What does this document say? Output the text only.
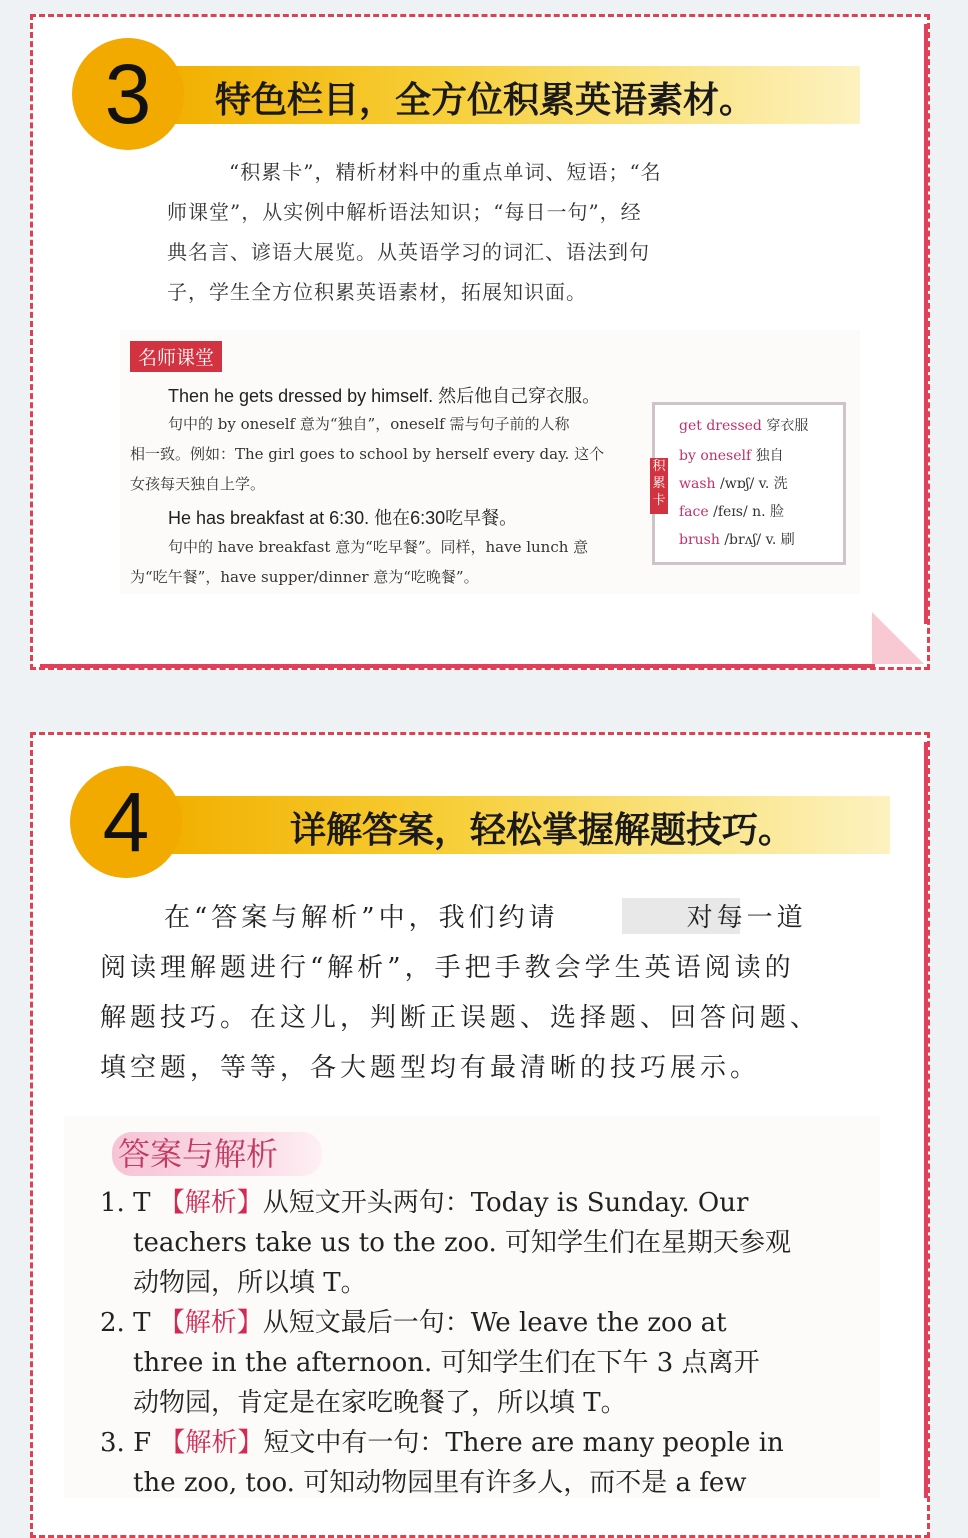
3	特色栏目，全方位积累英语素材。

“积累卡”，精析材料中的重点单词、短语；“名

师课堂”，从实例中解析语法知识；“每日一句”，经

典名言、谚语大展览。从英语学习的词汇、语法到句

子，学生全方位积累英语素材，拓展知识面。

名师课堂
Then he gets dressed by himself. 然后他自己穿衣服。
句中的 by oneself 意为“独自”，oneself 需与句子前的人称
相一致。例如：The girl goes to school by herself every day. 这个
女孩每天独自上学。
He has breakfast at 6:30. 他在6:30吃早餐。
句中的 have breakfast 意为“吃早餐”。同样，have lunch 意
为“吃午餐”，have supper/dinner 意为“吃晚餐”。
get dressed 穿衣服
by oneself 独自
wash /wɒʃ/ v. 洗
face /feɪs/ n. 脸
brush /brʌʃ/ v. 刷
积累卡
4	详解答案，轻松掌握解题技巧。

在“答案与解析”中，我们约请	对每一道

阅读理解题进行“解析”，手把手教会学生英语阅读的

解题技巧。在这儿，判断正误题、选择题、回答问题、

填空题，等等，各大题型均有最清晰的技巧展示。

答案与解析
1. T 【解析】从短文开头两句：Today is Sunday. Our
teachers take us to the zoo. 可知学生们在星期天参观
动物园，所以填 T。
2. T 【解析】从短文最后一句：We leave the zoo at
three in the afternoon. 可知学生们在下午 3 点离开
动物园，肯定是在家吃晚餐了，所以填 T。
3. F 【解析】短文中有一句：There are many people in
the zoo, too. 可知动物园里有许多人，而不是 a few
